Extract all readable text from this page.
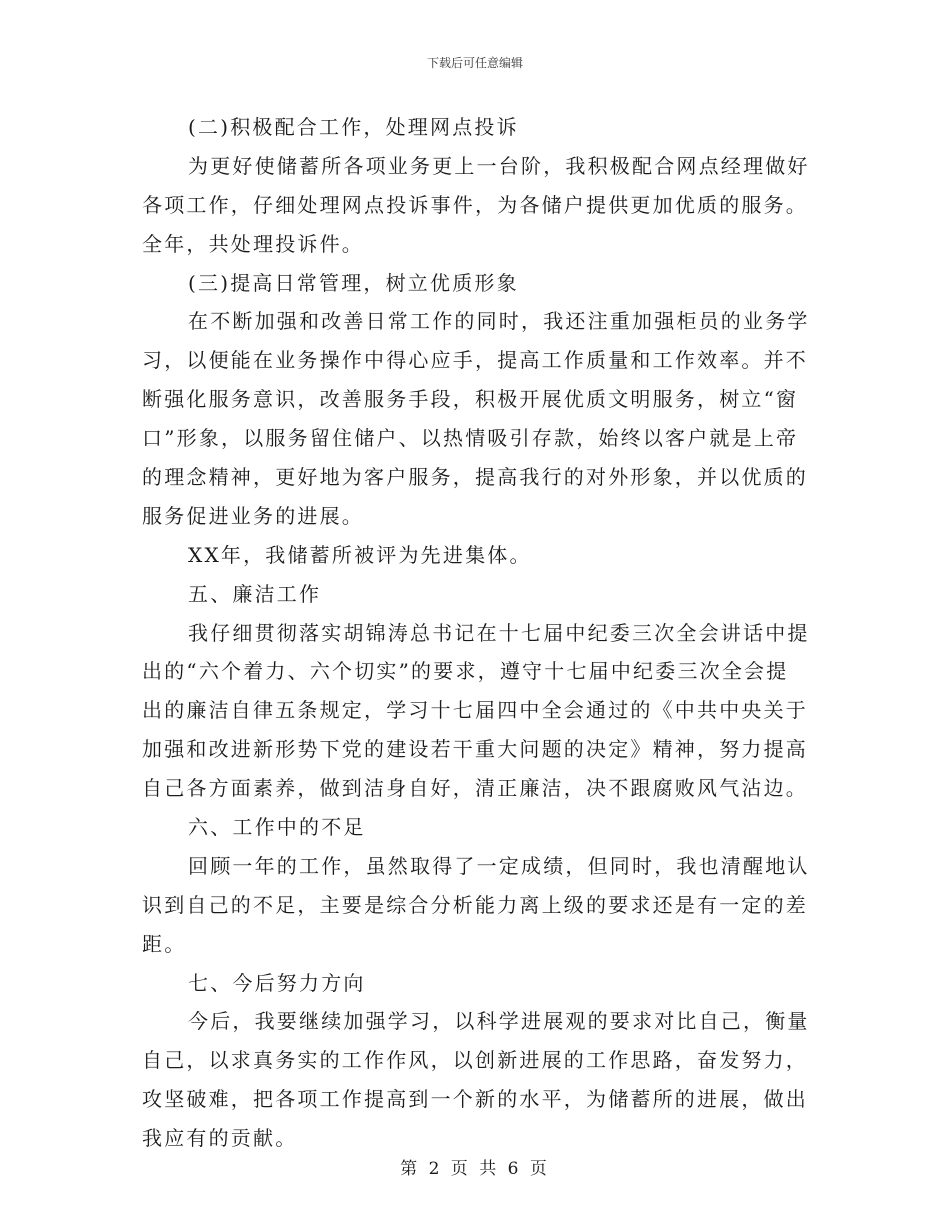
下载后可任意编辑
(二)积极配合工作，处理网点投诉
为更好使储蓄所各项业务更上一台阶，我积极配合网点经理做好
各项工作，仔细处理网点投诉事件，为各储户提供更加优质的服务。
全年，共处理投诉件。
(三)提高日常管理，树立优质形象
在不断加强和改善日常工作的同时，我还注重加强柜员的业务学
习，以便能在业务操作中得心应手，提高工作质量和工作效率。并不
断强化服务意识，改善服务手段，积极开展优质文明服务，树立“窗
口”形象，以服务留住储户、以热情吸引存款，始终以客户就是上帝
的理念精神，更好地为客户服务，提高我行的对外形象，并以优质的
服务促进业务的进展。
XX年，我储蓄所被评为先进集体。
五、廉洁工作
我仔细贯彻落实胡锦涛总书记在十七届中纪委三次全会讲话中提
出的“六个着力、六个切实”的要求，遵守十七届中纪委三次全会提
出的廉洁自律五条规定，学习十七届四中全会通过的《中共中央关于
加强和改进新形势下党的建设若干重大问题的决定》精神，努力提高
自己各方面素养，做到洁身自好，清正廉洁，决不跟腐败风气沾边。
六、工作中的不足
回顾一年的工作，虽然取得了一定成绩，但同时，我也清醒地认
识到自己的不足，主要是综合分析能力离上级的要求还是有一定的差
距。
七、今后努力方向
今后，我要继续加强学习，以科学进展观的要求对比自己，衡量
自己，以求真务实的工作作风，以创新进展的工作思路，奋发努力，
攻坚破难，把各项工作提高到一个新的水平，为储蓄所的进展，做出
我应有的贡献。
第 2 页 共 6 页
